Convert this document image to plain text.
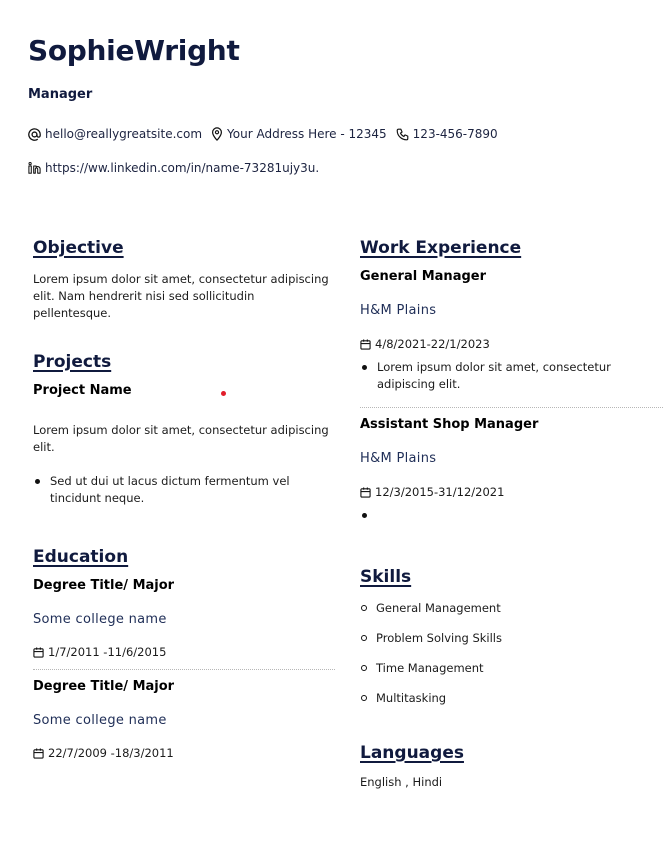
SophieWright
Manager
hello@reallygreatsite.com Your Address Here - 12345 123-456-7890
https://ww.linkedin.com/in/name-73281ujy3u.
Objective
Lorem ipsum dolor sit amet, consectetur adipiscing elit. Nam hendrerit nisi sed sollicitudin pellentesque.
Projects
Project Name
Lorem ipsum dolor sit amet, consectetur adipiscing elit.
Sed ut dui ut lacus dictum fermentum vel tincidunt neque.
Education
Degree Title/ Major
Some college name
1/7/2011 -11/6/2015
Degree Title/ Major
Some college name
22/7/2009 -18/3/2011
Work Experience
General Manager
H&M Plains
4/8/2021-22/1/2023
Lorem ipsum dolor sit amet, consectetur adipiscing elit.
Assistant Shop Manager
H&M Plains
12/3/2015-31/12/2021
Skills
General Management
Problem Solving Skills
Time Management
Multitasking
Languages
English , Hindi
